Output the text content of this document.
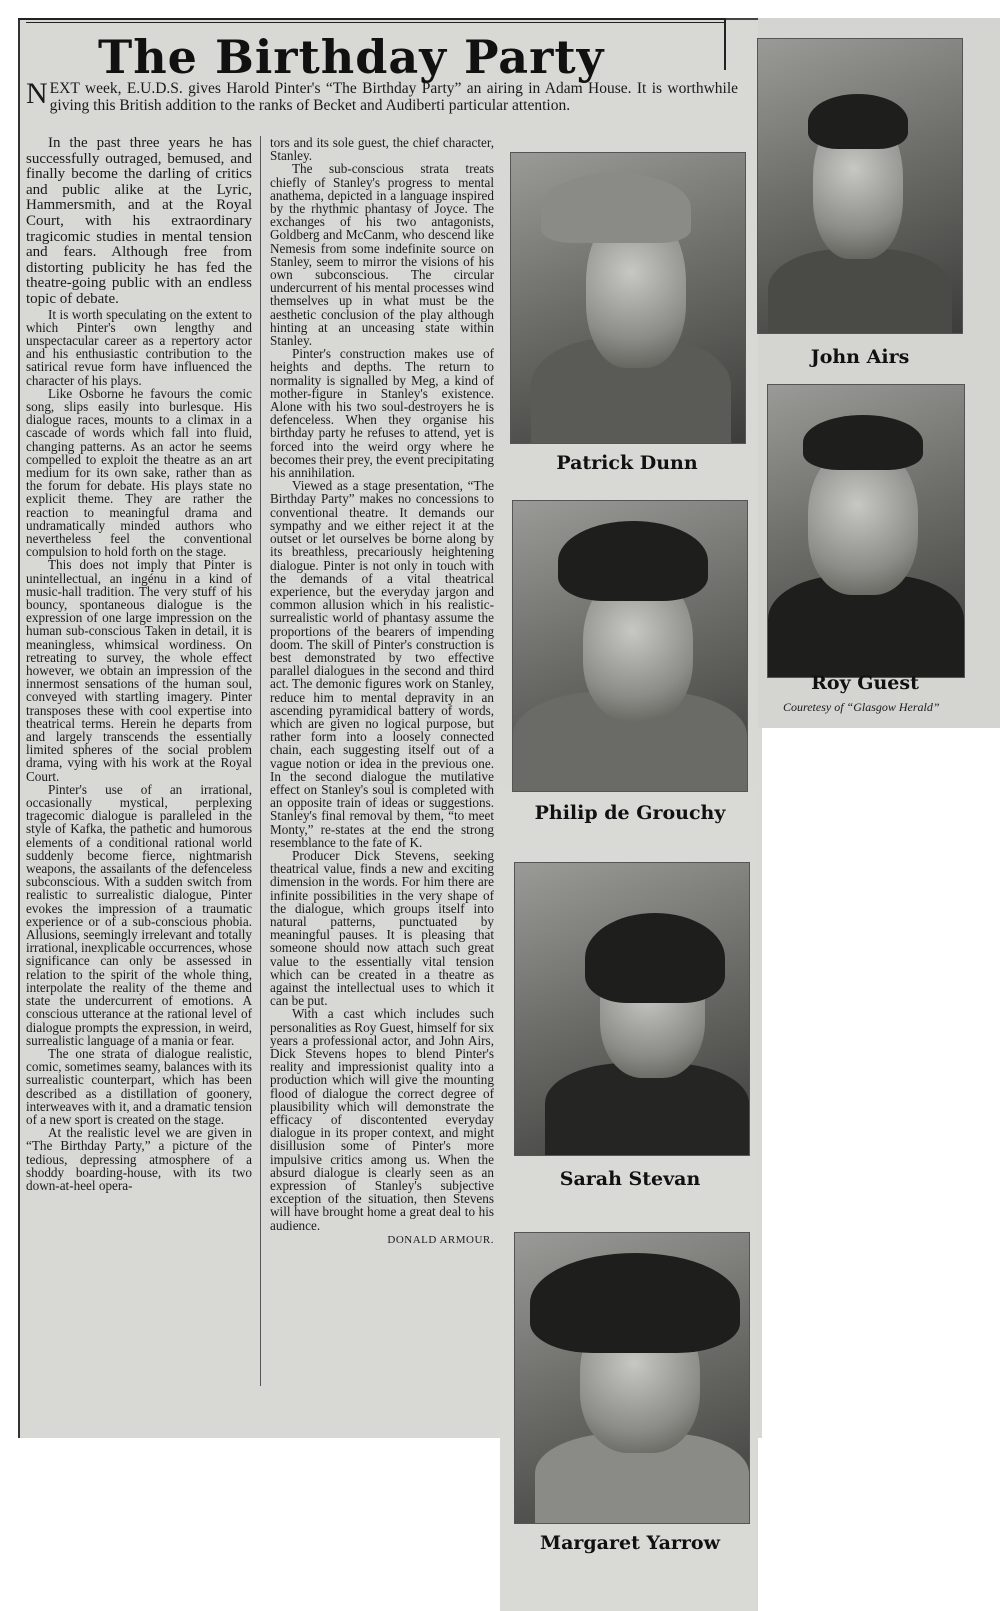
The Birthday Party
NEXT week, E.U.D.S. gives Harold Pinter's “The Birthday Party” an airing in Adam House. It is worthwhile giving this British addition to the ranks of Becket and Audiberti particular attention.

In the past three years he has successfully outraged, bemused, and finally become the darling of critics and public alike at the Lyric, Hammersmith, and at the Royal Court, with his extraordinary tragicomic studies in mental tension and fears. Although free from distorting publicity he has fed the theatre-going public with an endless topic of debate.

It is worth speculating on the extent to which Pinter's own lengthy and unspectacular career as a repertory actor and his enthusiastic contribution to the satirical revue form have influenced the character of his plays.

Like Osborne he favours the comic song, slips easily into burlesque. His dialogue races, mounts to a climax in a cascade of words which fall into fluid, changing patterns. As an actor he seems compelled to exploit the theatre as an art medium for its own sake, rather than as the forum for debate. His plays state no explicit theme. They are rather the reaction to meaningful drama and undramatically minded authors who nevertheless feel the conventional compulsion to hold forth on the stage.

This does not imply that Pinter is unintellectual, an ingénu in a kind of music-hall tradition. The very stuff of his bouncy, spontaneous dialogue is the expression of one large impression on the human sub-conscious Taken in detail, it is meaningless, whimsical wordiness. On retreating to survey, the whole effect however, we obtain an impression of the innermost sensations of the human soul, conveyed with startling imagery. Pinter transposes these with cool expertise into theatrical terms. Herein he departs from and largely transcends the essentially limited spheres of the social problem drama, vying with his work at the Royal Court.

Pinter's use of an irrational, occasionally mystical, perplexing tragecomic dialogue is paralleled in the style of Kafka, the pathetic and humorous elements of a conditional rational world suddenly become fierce, nightmarish weapons, the assailants of the defenceless subconscious. With a sudden switch from realistic to surrealistic dialogue, Pinter evokes the impression of a traumatic experience or of a sub-conscious phobia. Allusions, seemingly irrelevant and totally irrational, inexplicable occurrences, whose significance can only be assessed in relation to the spirit of the whole thing, interpolate the reality of the theme and state the undercurrent of emotions. A conscious utterance at the rational level of dialogue prompts the expression, in weird, surrealistic language of a mania or fear.

The one strata of dialogue realistic, comic, sometimes seamy, balances with its surrealistic counterpart, which has been described as a distillation of goonery, interweaves with it, and a dramatic tension of a new sport is created on the stage.

At the realistic level we are given in “The Birthday Party,” a picture of the tedious, depressing atmosphere of a shoddy boarding-house, with its two down-at-heel opera-

tors and its sole guest, the chief character, Stanley.

The sub-conscious strata treats chiefly of Stanley's progress to mental anathema, depicted in a language inspired by the rhythmic phantasy of Joyce. The exchanges of his two antagonists, Goldberg and McCanm, who descend like Nemesis from some indefinite source on Stanley, seem to mirror the visions of his own subconscious. The circular undercurrent of his mental processes wind themselves up in what must be the aesthetic conclusion of the play although hinting at an unceasing state within Stanley.

Pinter's construction makes use of heights and depths. The return to normality is signalled by Meg, a kind of mother-figure in Stanley's existence. Alone with his two soul-destroyers he is defenceless. When they organise his birthday party he refuses to attend, yet is forced into the weird orgy where he becomes their prey, the event precipitating his annihilation.

Viewed as a stage presentation, “The Birthday Party” makes no concessions to conventional theatre. It demands our sympathy and we either reject it at the outset or let ourselves be borne along by its breathless, precariously heightening dialogue. Pinter is not only in touch with the demands of a vital theatrical experience, but the everyday jargon and common allusion which in his realistic-surrealistic world of phantasy assume the proportions of the bearers of impending doom. The skill of Pinter's construction is best demonstrated by two effective parallel dialogues in the second and third act. The demonic figures work on Stanley, reduce him to mental depravity in an ascending pyramidical battery of words, which are given no logical purpose, but rather form into a loosely connected chain, each suggesting itself out of a vague notion or idea in the previous one. In the second dialogue the mutilative effect on Stanley's soul is completed with an opposite train of ideas or suggestions. Stanley's final removal by them, “to meet Monty,” re-states at the end the strong resemblance to the fate of K.

Producer Dick Stevens, seeking theatrical value, finds a new and exciting dimension in the words. For him there are infinite possibilities in the very shape of the dialogue, which groups itself into natural patterns, punctuated by meaningful pauses. It is pleasing that someone should now attach such great value to the essentially vital tension which can be created in a theatre as against the intellectual uses to which it can be put.

With a cast which includes such personalities as Roy Guest, himself for six years a professional actor, and John Airs, Dick Stevens hopes to blend Pinter's reality and impressionist quality into a production which will give the mounting flood of dialogue the correct degree of plausibility which will demonstrate the efficacy of discontented everyday dialogue in its proper context, and might disillusion some of Pinter's more impulsive critics among us. When the absurd dialogue is clearly seen as an expression of Stanley's subjective exception of the situation, then Stevens will have brought home a great deal to his audience.

DONALD ARMOUR.
John Airs
Patrick Dunn
Roy Guest
Couretesy of “Glasgow Herald”
Philip de Grouchy
Sarah Stevan
Margaret Yarrow
